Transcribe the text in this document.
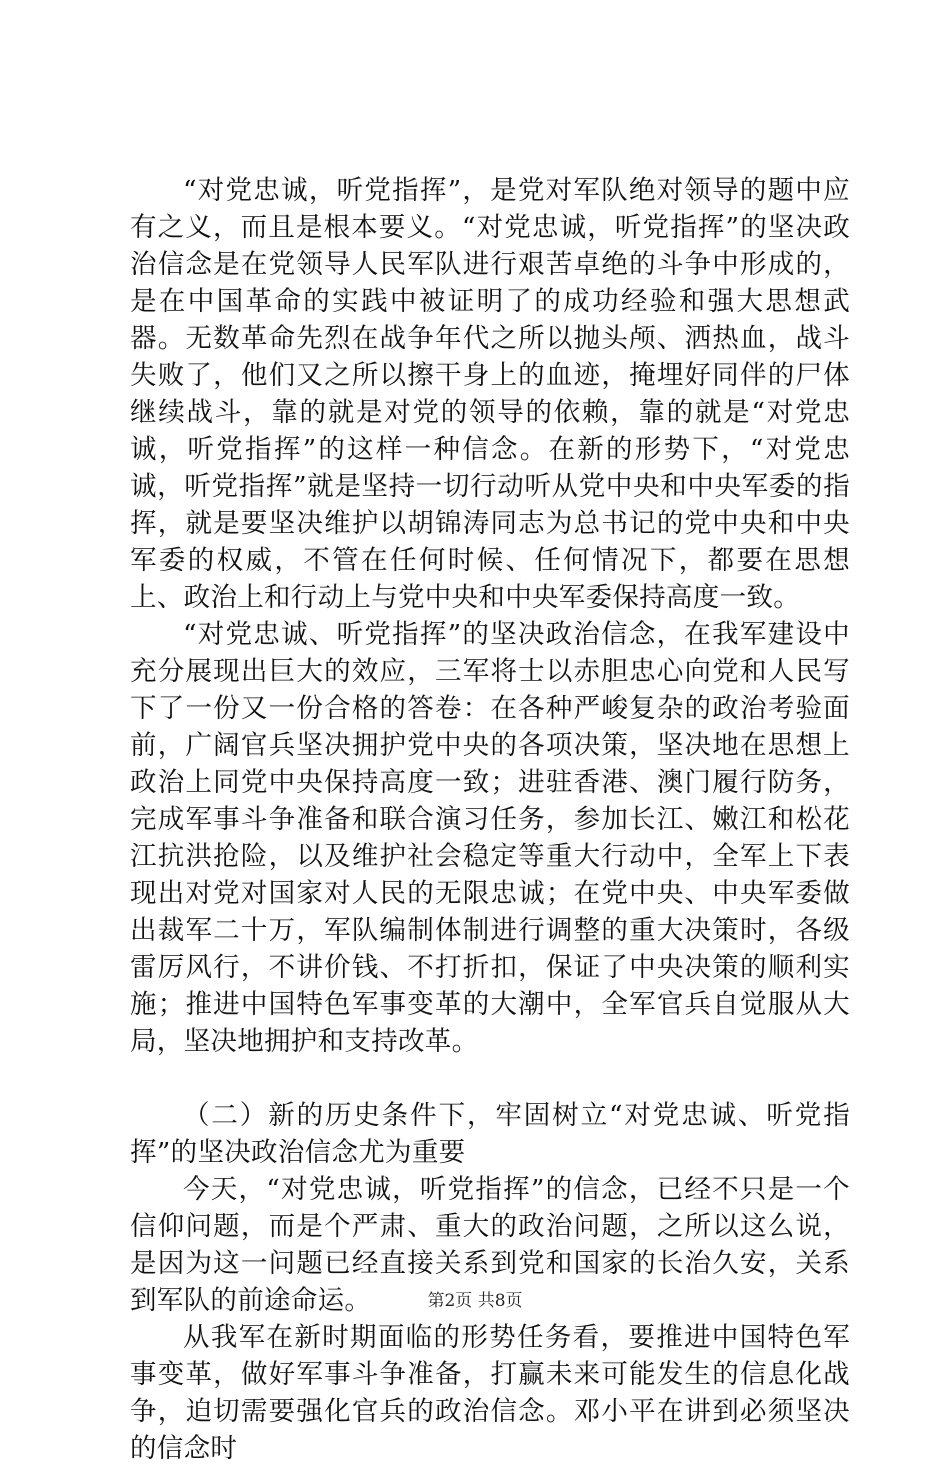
“对党忠诚，听党指挥”，是党对军队绝对领导的题中应有之义，而且是根本要义。“对党忠诚，听党指挥”的坚决政治信念是在党领导人民军队进行艰苦卓绝的斗争中形成的，是在中国革命的实践中被证明了的成功经验和强大思想武器。无数革命先烈在战争年代之所以抛头颅、洒热血，战斗失败了，他们又之所以擦干身上的血迹，掩埋好同伴的尸体继续战斗，靠的就是对党的领导的依赖，靠的就是“对党忠诚，听党指挥”的这样一种信念。在新的形势下，“对党忠诚，听党指挥”就是坚持一切行动听从党中央和中央军委的指挥，就是要坚决维护以胡锦涛同志为总书记的党中央和中央军委的权威，不管在任何时候、任何情况下，都要在思想上、政治上和行动上与党中央和中央军委保持高度一致。

“对党忠诚、听党指挥”的坚决政治信念，在我军建设中充分展现出巨大的效应，三军将士以赤胆忠心向党和人民写下了一份又一份合格的答卷：在各种严峻复杂的政治考验面前，广阔官兵坚决拥护党中央的各项决策，坚决地在思想上政治上同党中央保持高度一致；进驻香港、澳门履行防务，完成军事斗争准备和联合演习任务，参加长江、嫩江和松花江抗洪抢险，以及维护社会稳定等重大行动中，全军上下表现出对党对国家对人民的无限忠诚；在党中央、中央军委做出裁军二十万，军队编制体制进行调整的重大决策时，各级雷厉风行，不讲价钱、不打折扣，保证了中央决策的顺利实施；推进中国特色军事变革的大潮中，全军官兵自觉服从大局，坚决地拥护和支持改革。

（二）新的历史条件下，牢固树立“对党忠诚、听党指挥”的坚决政治信念尤为重要

今天，“对党忠诚，听党指挥”的信念，已经不只是一个信仰问题，而是个严肃、重大的政治问题，之所以这么说，是因为这一问题已经直接关系到党和国家的长治久安，关系到军队的前途命运。

从我军在新时期面临的形势任务看，要推进中国特色军事变革，做好军事斗争准备，打赢未来可能发生的信息化战争，迫切需要强化官兵的政治信念。邓小平在讲到必须坚决的信念时

第2页 共8页
